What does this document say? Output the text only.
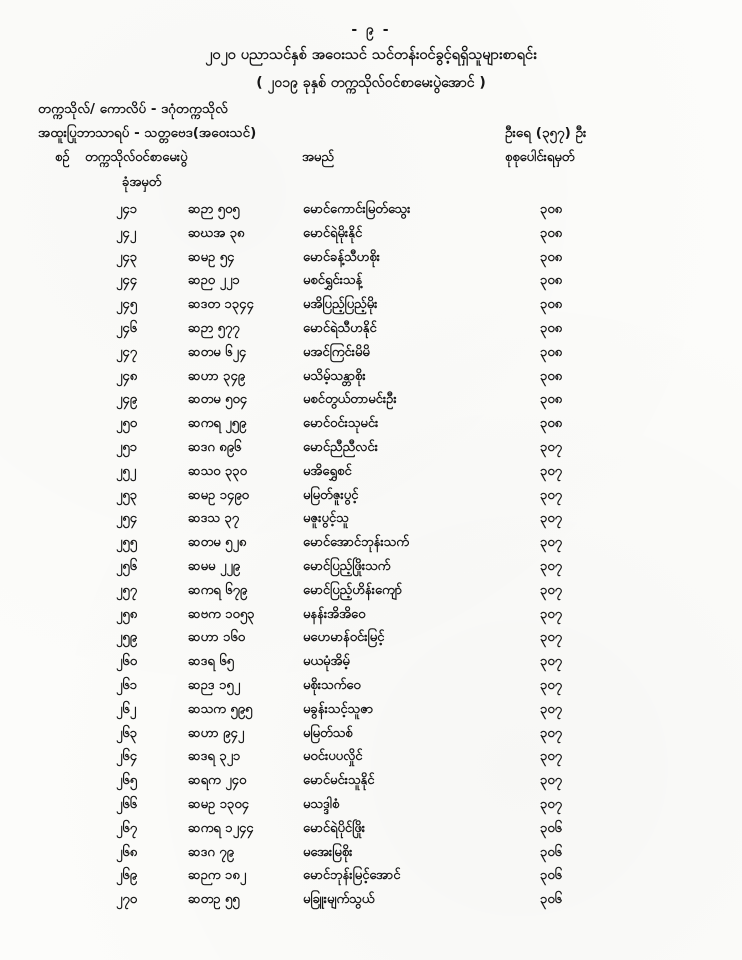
- ၉ -
၂၀၂၀ ပညာသင်နှစ် အဝေးသင် သင်တန်းဝင်ခွင့်ရရှိသူများစာရင်း
( ၂၀၁၉ ခုနှစ် တက္ကသိုလ်ဝင်စာမေးပွဲအောင် )
တက္ကသိုလ်/ ကောလိပ် - ဒဂုံတက္ကသိုလ်
အထူးပြုဘာသာရပ် - သတ္တဗေဒ(အဝေးသင်)	ဦးရေ (၃၅၇) ဦး
စဉ် တက္ကသိုလ်ဝင်စာမေးပွဲ	အမည်	စုစုပေါင်းရမှတ်
ခုံအမှတ်
၂၄၁	ဆဉာ ၅၀၅	မောင်ကောင်းမြတ်သွေး	၃၀၈
၂၄၂	ဆဃအ ၃၈	မောင်ရဲမိုးနိုင်	၃၀၈
၂၄၃	ဆမဥ ၅၄	မောင်ခန့်သီဟစိုး	၃၀၈
၂၄၄	ဆဉဝ ၂၂၁	မစင်ရွှင်းသန့်	၃၀၈
၂၄၅	ဆဒတ ၁၃၄၄	မအိပြည့်ပြည့်မိုး	၃၀၈
၂၄၆	ဆဉာ ၅၇၇	မောင်ရဲသီဟနိုင်	၃၀၈
၂၄၇	ဆတမ ၆၂၄	မအင်ကြင်းမိမိ	၃၀၈
၂၄၈	ဆဟာ ၃၄၉	မသိမ့်သန္တာစိုး	၃၀၈
၂၄၉	ဆတမ ၅၀၄	မစင်တွယ်တာမင်းဦး	၃၀၈
၂၅၀	ဆကရ ၂၅၉	မောင်ဝင်းသုမင်း	၃၀၈
၂၅၁	ဆဒဂ ၈၉၆	မောင်ညီညီလင်း	၃၀၇
၂၅၂	ဆသဝ ၃၃၀	မအိရွှေစင်	၃၀၇
၂၅၃	ဆမဥ ၁၄၉၀	မမြတ်ဇူးပွင့်	၃၀၇
၂၅၄	ဆဒသ ၃၇	မဇူးပွင့်သူ	၃၀၇
၂၅၅	ဆတမ ၅၂၈	မောင်အောင်ဘုန်းသက်	၃၀၇
၂၅၆	ဆမမ ၂၂၉	မောင်ပြည့်ဖြိုးသက်	၃၀၇
၂၅၇	ဆကရ ၆၇၉	မောင်ပြည့်ဟိန်းကျော်	၃၀၇
၂၅၈	ဆဗက ၁၀၅၃	မနန်းအိအိဝေ	၃၀၇
၂၅၉	ဆဟာ ၁၆၀	မဟေမာန်ဝင်းမြင့်	၃၀၇
၂၆၀	ဆဒရ ၆၅	မယမုံအိမ့်	၃၀၇
၂၆၁	ဆဉဒ ၁၅၂	မစိုးသက်ဝေ	၃၀၇
၂၆၂	ဆသက ၅၉၅	မခွန်းသင့်သူဇာ	၃၀၇
၂၆၃	ဆဟာ ၉၄၂	မမြတ်သစ်	၃၀၇
၂၆၄	ဆဒရ ၃၂၁	မဝင်းပပလှိုင်	၃၀၇
၂၆၅	ဆရက ၂၄၀	မောင်မင်းသူနိုင်	၃၀၇
၂၆၆	ဆမဥ ၁၃၀၄	မသဒ္ဒါစံ	၃၀၇
၂၆၇	ဆကရ ၁၂၄၄	မောင်ရဲပိုင်ဖြိုး	၃၀၆
၂၆၈	ဆဒဂ ၇၉	မအေးမြစိုး	၃၀၆
၂၆၉	ဆဉက ၁၈၂	မောင်ဘုန်းမြင့်အောင်	၃၀၆
၂၇၀	ဆတဥ ၅၅	မခြူးမျက်သွယ်	၃၀၆
